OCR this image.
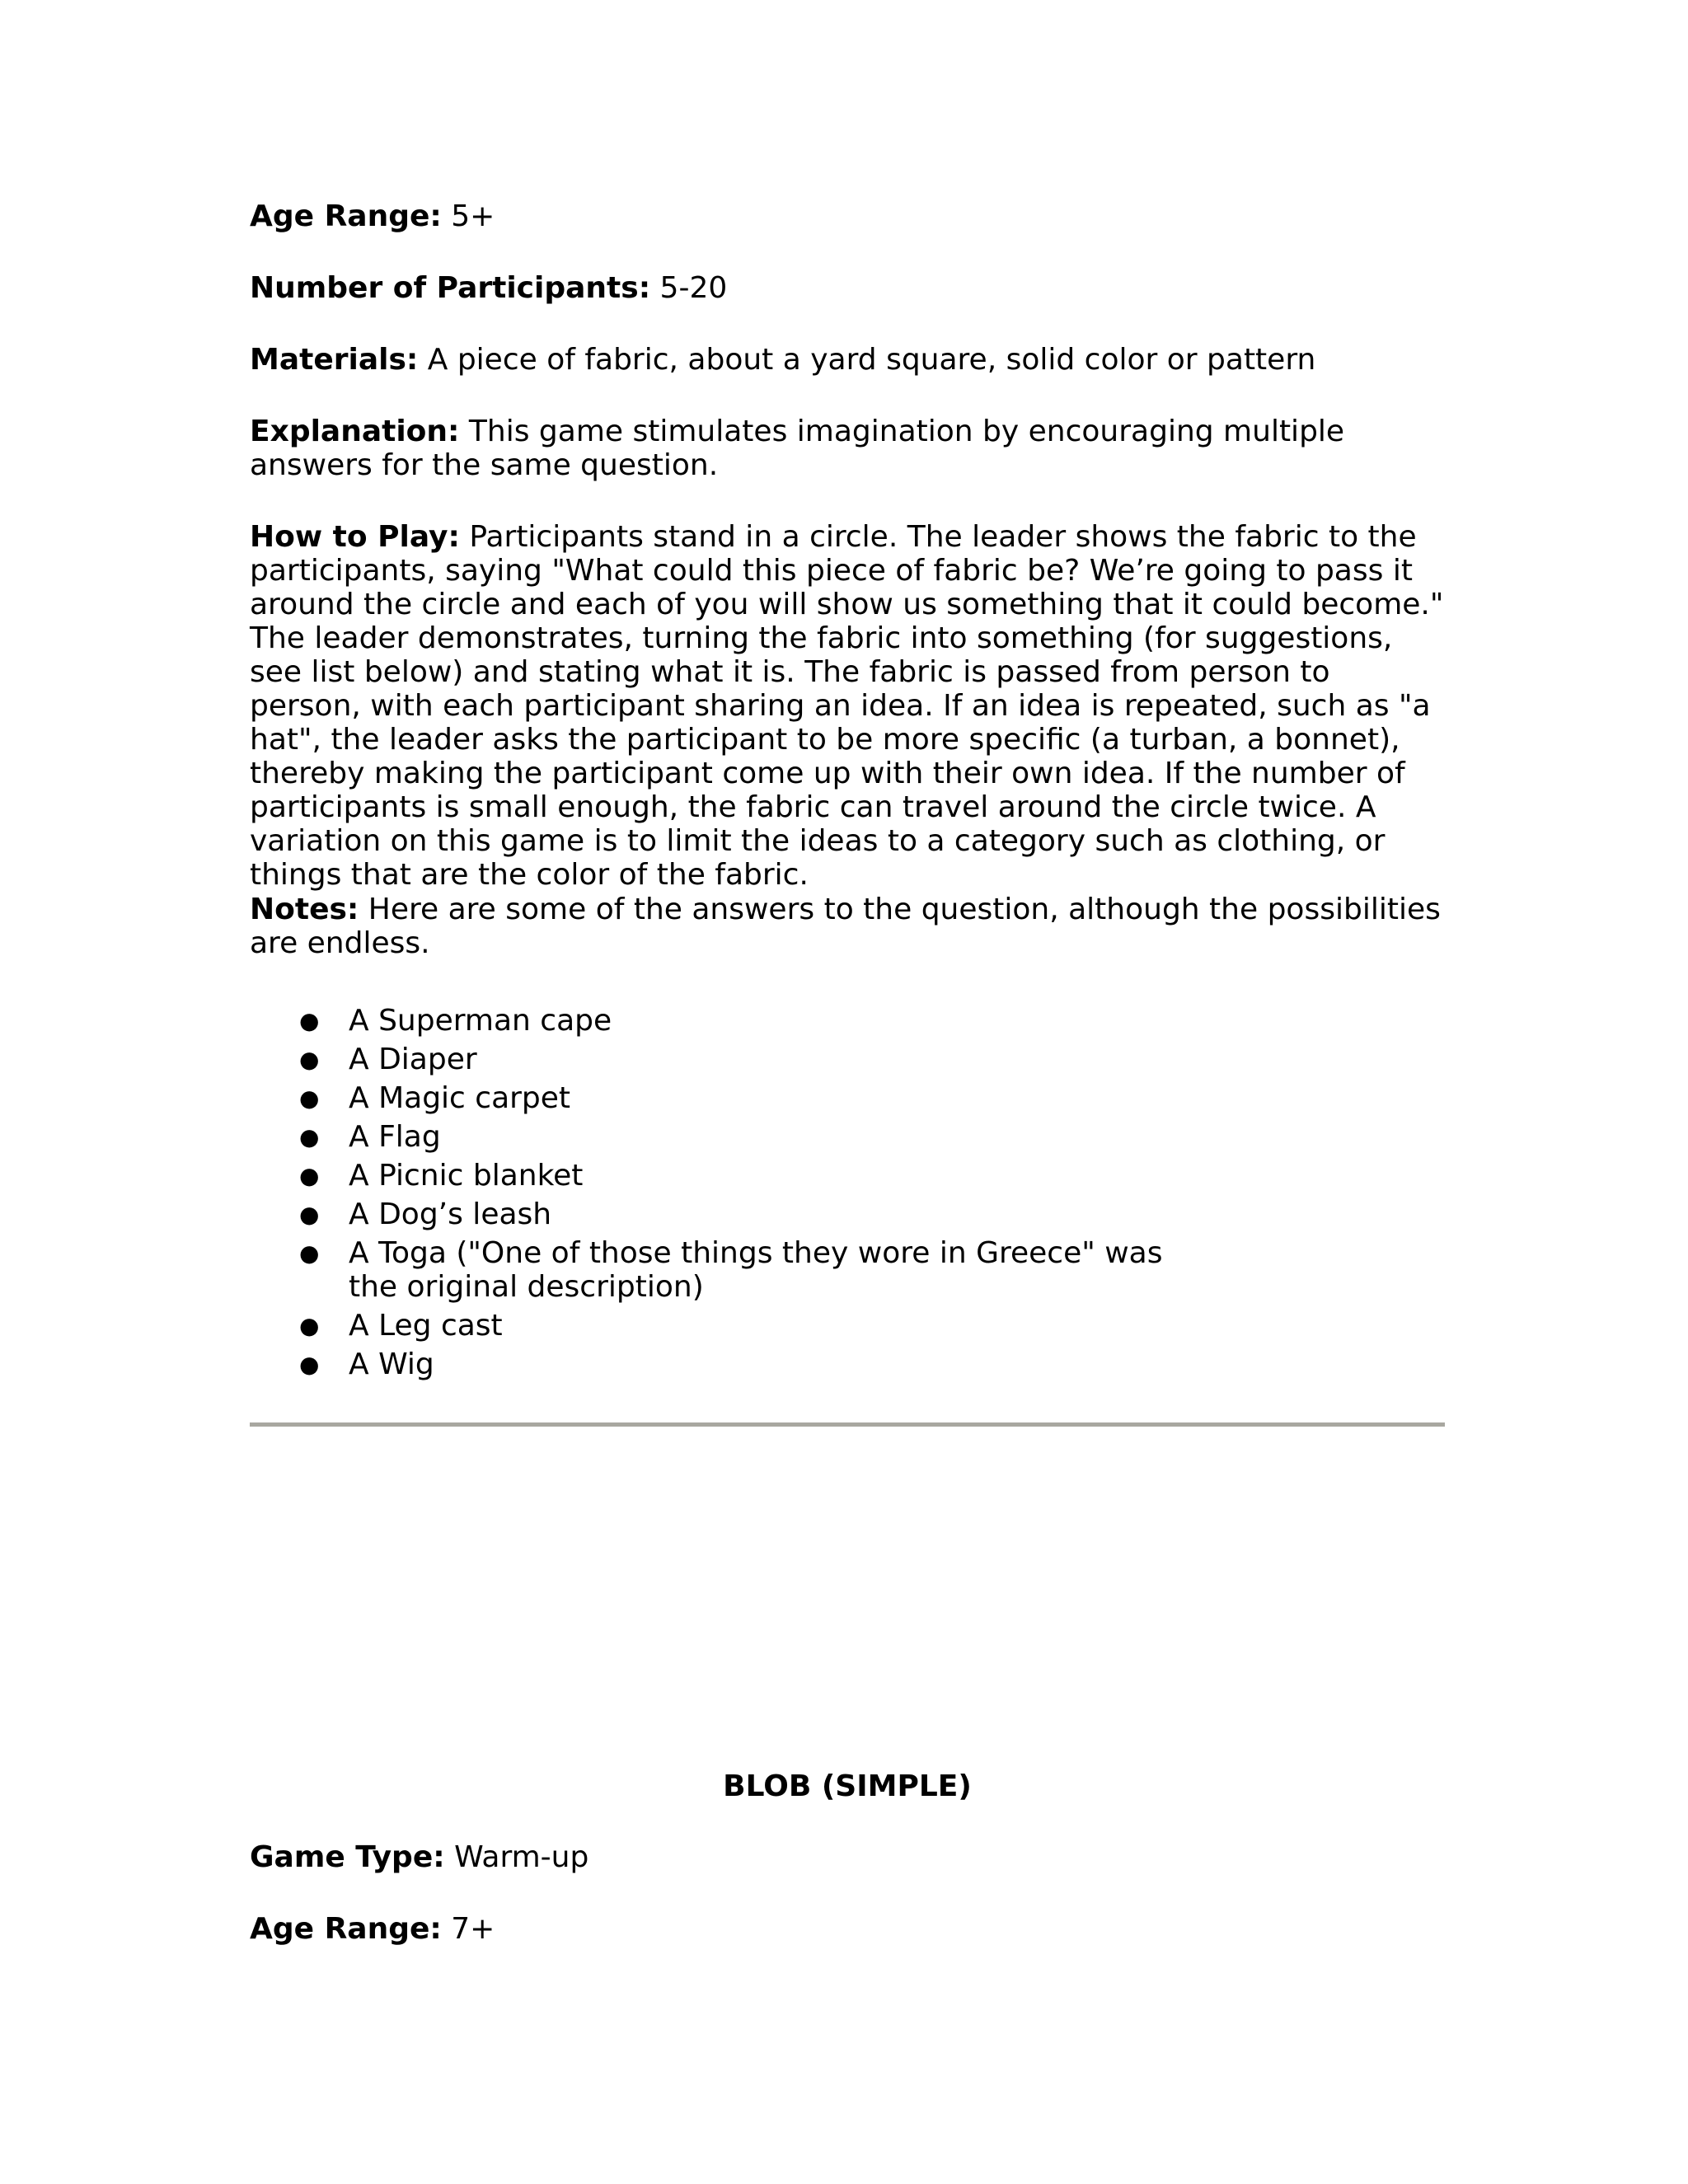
Age Range: 5+

Number of Participants: 5-20

Materials: A piece of fabric, about a yard square, solid color or pattern

Explanation: This game stimulates imagination by encouraging multiple answers for the same question.

How to Play: Participants stand in a circle. The leader shows the fabric to the participants, saying "What could this piece of fabric be? We’re going to pass it around the circle and each of you will show us something that it could become." The leader demonstrates, turning the fabric into something (for suggestions, see list below) and stating what it is. The fabric is passed from person to person, with each participant sharing an idea. If an idea is repeated, such as "a hat", the leader asks the participant to be more specific (a turban, a bonnet), thereby making the participant come up with their own idea. If the number of participants is small enough, the fabric can travel around the circle twice. A variation on this game is to limit the ideas to a category such as clothing, or things that are the color of the fabric.

Notes: Here are some of the answers to the question, although the possibilities are endless.

● A Superman cape
● A Diaper
● A Magic carpet
● A Flag
● A Picnic blanket
● A Dog’s leash
● A Toga ("One of those things they wore in Greece" was the original description)
● A Leg cast
● A Wig
BLOB (SIMPLE)

Game Type: Warm-up

Age Range: 7+
